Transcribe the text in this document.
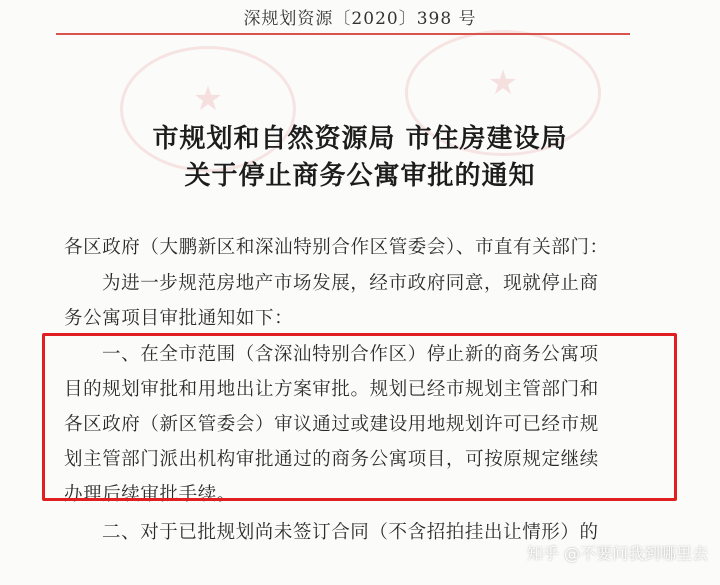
★	★
深规划资源〔2020〕398 号
市规划和自然资源局 市住房建设局
关于停止商务公寓审批的通知
各区政府（大鹏新区和深汕特别合作区管委会）、市直有关部门：
为进一步规范房地产市场发展，经市政府同意，现就停止商
务公寓项目审批通知如下：
一、在全市范围（含深汕特别合作区）停止新的商务公寓项
目的规划审批和用地出让方案审批。规划已经市规划主管部门和
各区政府（新区管委会）审议通过或建设用地规划许可已经市规
划主管部门派出机构审批通过的商务公寓项目，可按原规定继续
办理后续审批手续。
二、对于已批规划尚未签订合同（不含招拍挂出让情形）的
知乎 @不要问我到哪里去
